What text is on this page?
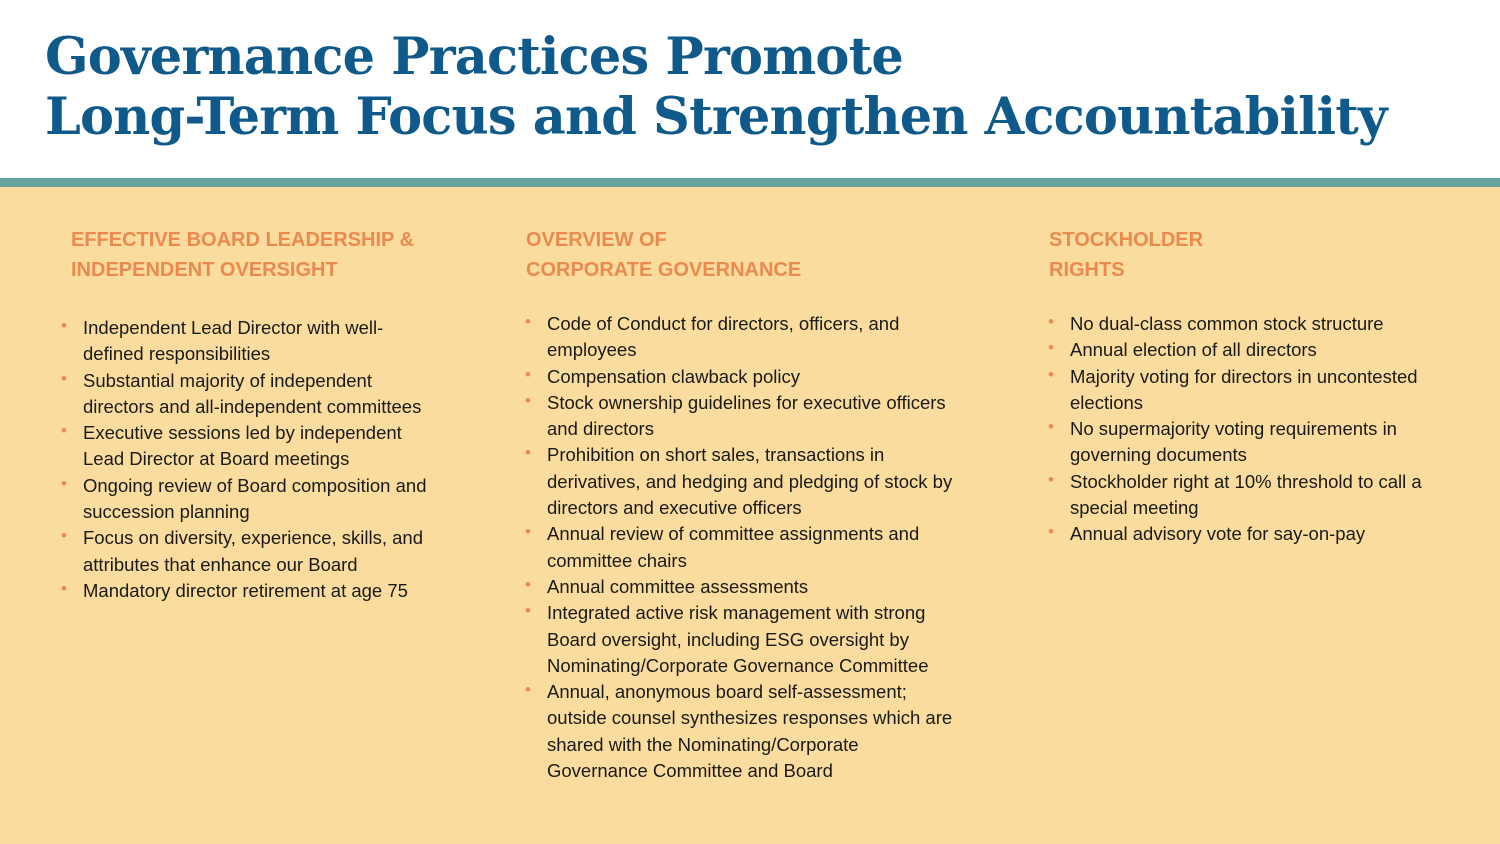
Governance Practices Promote
Long-Term Focus and Strengthen Accountability
EFFECTIVE BOARD LEADERSHIP &
INDEPENDENT OVERSIGHT
• Independent Lead Director with well-defined responsibilities
• Substantial majority of independent directors and all-independent committees
• Executive sessions led by independent Lead Director at Board meetings
• Ongoing review of Board composition and succession planning
• Focus on diversity, experience, skills, and attributes that enhance our Board
• Mandatory director retirement at age 75
OVERVIEW OF
CORPORATE GOVERNANCE
• Code of Conduct for directors, officers, and employees
• Compensation clawback policy
• Stock ownership guidelines for executive officers and directors
• Prohibition on short sales, transactions in derivatives, and hedging and pledging of stock by directors and executive officers
• Annual review of committee assignments and committee chairs
• Annual committee assessments
• Integrated active risk management with strong Board oversight, including ESG oversight by Nominating/Corporate Governance Committee
• Annual, anonymous board self-assessment; outside counsel synthesizes responses which are shared with the Nominating/Corporate Governance Committee and Board
STOCKHOLDER
RIGHTS
• No dual-class common stock structure
• Annual election of all directors
• Majority voting for directors in uncontested elections
• No supermajority voting requirements in governing documents
• Stockholder right at 10% threshold to call a special meeting
• Annual advisory vote for say-on-pay
